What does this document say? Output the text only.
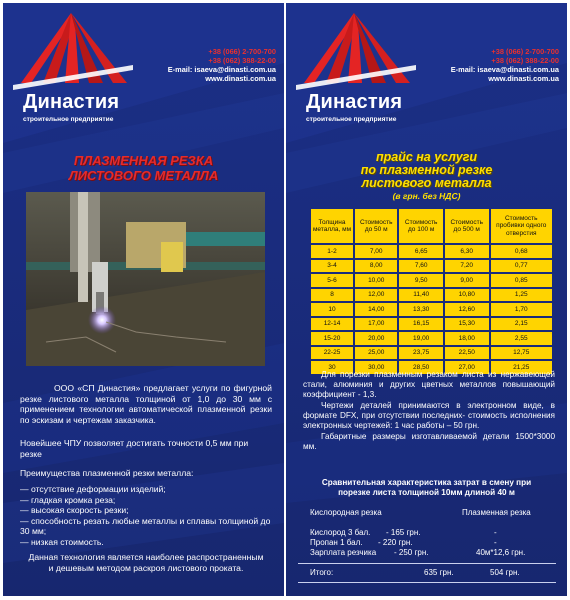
+38 (066) 2-700-700
+38 (062) 388-22-00
E-mail: isaeva@dinasti.com.ua
www.dinasti.com.ua
Династия
строительное предприятие
ПЛАЗМЕННАЯ РЕЗКА
ЛИСТОВОГО МЕТАЛЛА
ООО «СП Династия» предлагает услуги по фигурной резке листового металла толщиной от 1,0 до 30 мм с применением технологии автоматической плазменной резки по эскизам и чертежам заказчика.
Новейшее ЧПУ позволяет достигать точности 0,5 мм при резке
Преимущества плазменной резки металла:
— отсутствие деформации изделий;
— гладкая кромка реза;
— высокая скорость резки;
— способность резать любые металлы и сплавы толщиной до 30 мм;
— низкая стоимость.
Данная технология является наиболее распространенным и дешевым методом раскроя листового проката.
+38 (066) 2-700-700
+38 (062) 388-22-00
E-mail: isaeva@dinasti.com.ua
www.dinasti.com.ua
Династия
строительное предприятие
прайс на услуги
по плазменной резке
листового металла
(в грн. без НДС)
Толщина металла, мм	Стоимость до 50 м	Стоимость до 100 м	Стоимость до 500 м	Стоимость пробивки одного отверстия
1-2	7,00	6,65	6,30	0,68
3-4	8,00	7,60	7,20	0,77
5-6	10,00	9,50	9,00	0,85
8	12,00	11,40	10,80	1,25
10	14,00	13,30	12,60	1,70
12-14	17,00	16,15	15,30	2,15
15-20	20,00	19,00	18,00	2,55
22-25	25,00	23,75	22,50	12,75
30	30,00	28,50	27,00	21,25
Для порезки плазменным резаком листа из нержавеющей стали, алюминия и других цветных металлов повышающий коэффициент - 1,3.
Чертежи деталей принимаются в электронном виде, в формате DFX, при отсутствии последних- стоимость исполнения электронных чертежей: 1 час работы – 50 грн.
Габаритные размеры изготавливаемой детали 1500*3000 мм.
Сравнительная характеристика затрат в смену при
порезке листа толщиной 10мм длиной 40 м
Кислородная резка	Плазменная резка
Кислород 3 бал. - 165 грн.	-
Пропан 1 бал. - 220 грн.	-
Зарплата резчика - 250 грн.	40м*12,6 грн.
Итого:	635 грн.	504 грн.
